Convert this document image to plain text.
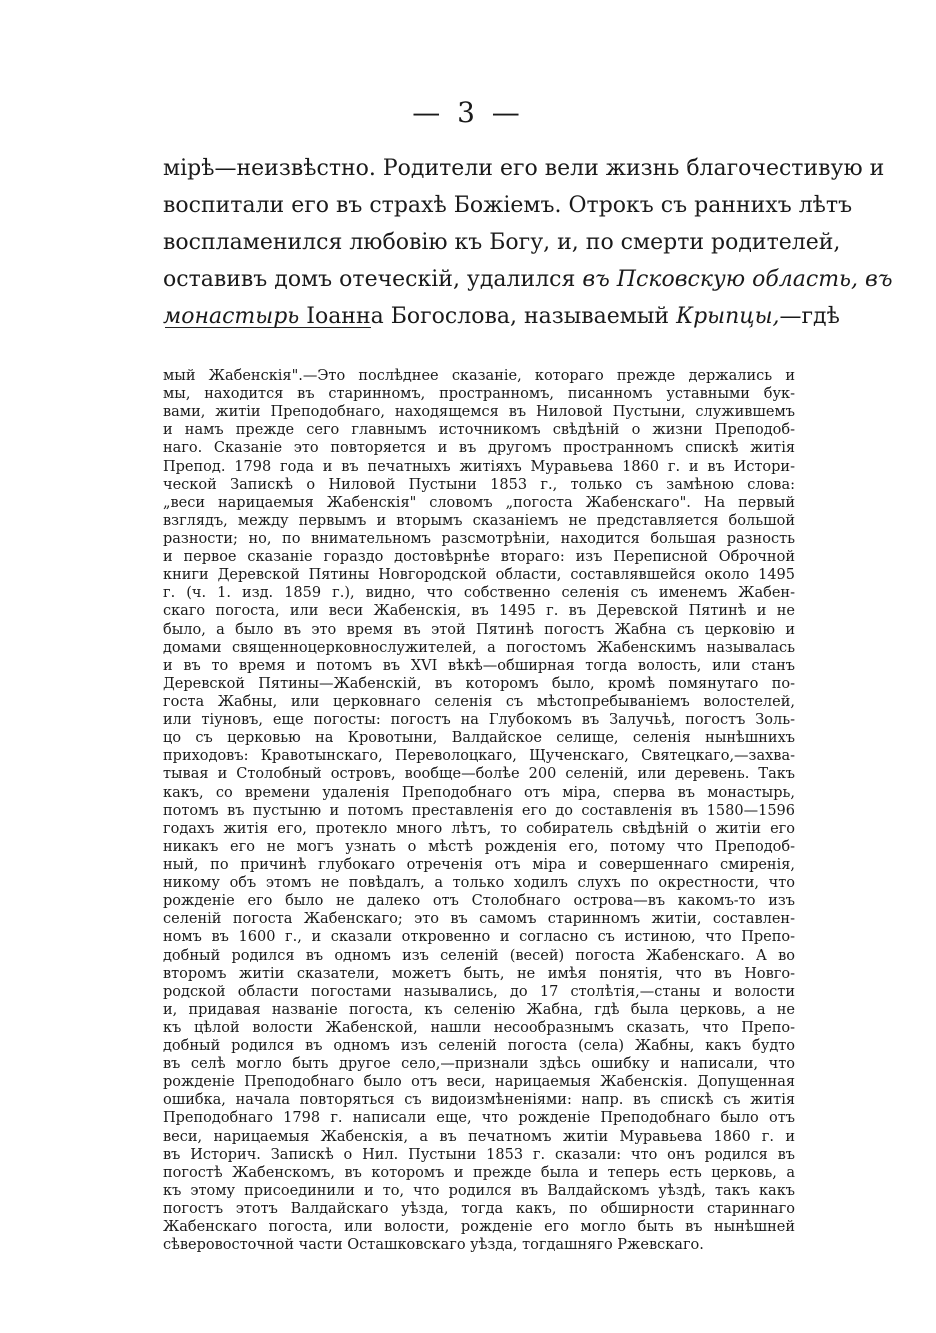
— 3 —
мірѣ—неизвѣстно. Родители его вели жизнь благочестивую и
воспитали его въ страхѣ Божіемъ. Отрокъ съ раннихъ лѣтъ
воспламенился любовію къ Богу, и, по смерти родителей,
оставивъ домъ отеческій, удалился въ Псковскую область, въ
монастырь Іоанна Богослова, называемый Крыпцы,—гдѣ
мый Жабенскія".—Это послѣднее сказаніе, котораго прежде держались и
мы, находится въ старинномъ, пространномъ, писанномъ уставными бук-
вами, житіи Преподобнаго, находящемся въ Ниловой Пустыни, служившемъ
и намъ прежде сего главнымъ источникомъ свѣдѣній о жизни Преподоб-
наго. Сказаніе это повторяется и въ другомъ пространномъ спискѣ житія
Препод. 1798 года и въ печатныхъ житіяхъ Муравьева 1860 г. и въ Истори-
ческой Запискѣ о Ниловой Пустыни 1853 г., только съ замѣною слова:
„веси нарицаемыя Жабенскія" словомъ „погоста Жабенскаго". На первый
взглядъ, между первымъ и вторымъ сказаніемъ не представляется большой
разности; но, по внимательномъ разсмотрѣніи, находится большая разность
и первое сказаніе гораздо достовѣрнѣе втораго: изъ Переписной Оброчной
книги Деревской Пятины Новгородской области, составлявшейся около 1495
г. (ч. 1. изд. 1859 г.), видно, что собственно селенія съ именемъ Жабен-
скаго погоста, или веси Жабенскія, въ 1495 г. въ Деревской Пятинѣ и не
было, а было въ это время въ этой Пятинѣ погостъ Жабна съ церковію и
домами священноцерковнослужителей, а погостомъ Жабенскимъ называлась
и въ то время и потомъ въ XVI вѣкѣ—обширная тогда волость, или станъ
Деревской Пятины—Жабенскій, въ которомъ было, кромѣ помянутаго по-
госта Жабны, или церковнаго селенія съ мѣстопребываніемъ волостелей,
или тіуновъ, еще погосты: погостъ на Глубокомъ въ Залучьѣ, погостъ Золь-
цо съ церковью на Кровотыни, Валдайское селище, селенія нынѣшнихъ
приходовъ: Кравотынскаго, Переволоцкаго, Щученскаго, Святецкаго,—захва-
тывая и Столобный островъ, вообще—болѣе 200 селеній, или деревень. Такъ
какъ, со времени удаленія Преподобнаго отъ міра, сперва въ монастырь,
потомъ въ пустыню и потомъ преставленія его до составленія въ 1580—1596
годахъ житія его, протекло много лѣтъ, то собиратель свѣдѣній о житіи его
никакъ его не могъ узнать о мѣстѣ рожденія его, потому что Преподоб-
ный, по причинѣ глубокаго отреченія отъ міра и совершеннаго смиренія,
никому объ этомъ не повѣдалъ, а только ходилъ слухъ по окрестности, что
рожденіе его было не далеко отъ Столобнаго острова—въ какомъ-то изъ
селеній погоста Жабенскаго; это въ самомъ старинномъ житіи, составлен-
номъ въ 1600 г., и сказали откровенно и согласно съ истиною, что Препо-
добный родился въ одномъ изъ селеній (весей) погоста Жабенскаго. А во
второмъ житіи сказатели, можетъ быть, не имѣя понятія, что въ Новго-
родской области погостами назывались, до 17 столѣтія,—станы и волости
и, придавая названіе погоста, къ селенію Жабна, гдѣ была церковь, а не
къ цѣлой волости Жабенской, нашли несообразнымъ сказать, что Препо-
добный родился въ одномъ изъ селеній погоста (села) Жабны, какъ будто
въ селѣ могло быть другое село,—признали здѣсь ошибку и написали, что
рожденіе Преподобнаго было отъ веси, нарицаемыя Жабенскія. Допущенная
ошибка, начала повторяться съ видоизмѣненіями: напр. въ спискѣ съ житія
Преподобнаго 1798 г. написали еще, что рожденіе Преподобнаго было отъ
веси, нарицаемыя Жабенскія, а въ печатномъ житіи Муравьева 1860 г. и
въ Историч. Запискѣ о Нил. Пустыни 1853 г. сказали: что онъ родился въ
погостѣ Жабенскомъ, въ которомъ и прежде была и теперь есть церковь, а
къ этому присоединили и то, что родился въ Валдайскомъ уѣздѣ, такъ какъ
погостъ этотъ Валдайскаго уѣзда, тогда какъ, по обширности стариннаго
Жабенскаго погоста, или волости, рожденіе его могло быть въ нынѣшней
сѣверовосточной части Осташковскаго уѣзда, тогдашняго Ржевскаго.
